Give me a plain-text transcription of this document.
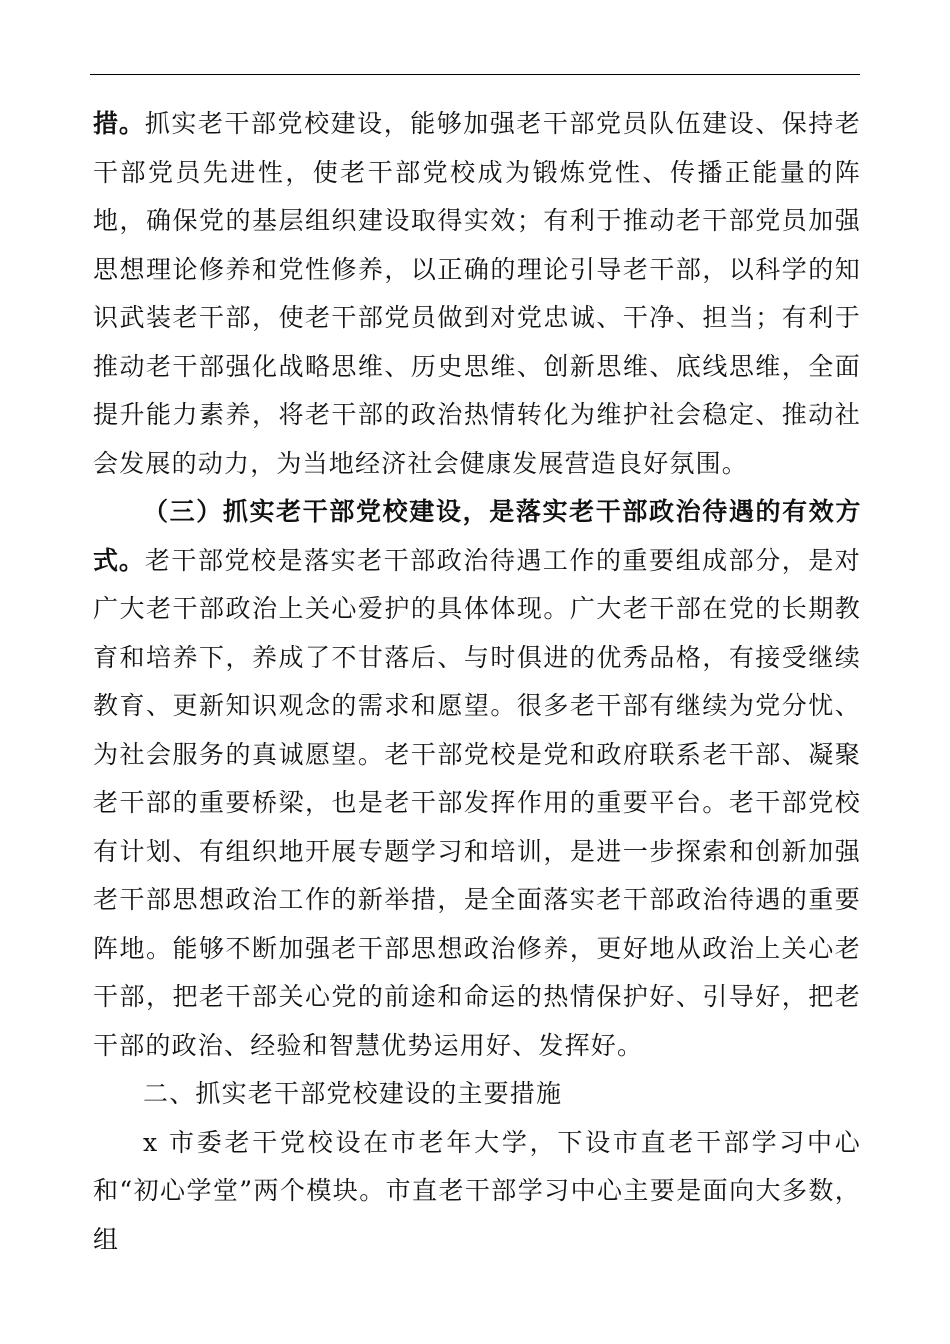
措。抓实老干部党校建设，能够加强老干部党员队伍建设、保持老干部党员先进性，使老干部党校成为锻炼党性、传播正能量的阵地，确保党的基层组织建设取得实效；有利于推动老干部党员加强思想理论修养和党性修养，以正确的理论引导老干部，以科学的知识武装老干部，使老干部党员做到对党忠诚、干净、担当；有利于推动老干部强化战略思维、历史思维、创新思维、底线思维，全面提升能力素养，将老干部的政治热情转化为维护社会稳定、推动社会发展的动力，为当地经济社会健康发展营造良好氛围。

（三）抓实老干部党校建设，是落实老干部政治待遇的有效方式。老干部党校是落实老干部政治待遇工作的重要组成部分，是对广大老干部政治上关心爱护的具体体现。广大老干部在党的长期教育和培养下，养成了不甘落后、与时俱进的优秀品格，有接受继续教育、更新知识观念的需求和愿望。很多老干部有继续为党分忧、为社会服务的真诚愿望。老干部党校是党和政府联系老干部、凝聚老干部的重要桥梁，也是老干部发挥作用的重要平台。老干部党校有计划、有组织地开展专题学习和培训，是进一步探索和创新加强老干部思想政治工作的新举措，是全面落实老干部政治待遇的重要阵地。能够不断加强老干部思想政治修养，更好地从政治上关心老干部，把老干部关心党的前途和命运的热情保护好、引导好，把老干部的政治、经验和智慧优势运用好、发挥好。

二、抓实老干部党校建设的主要措施

x 市委老干党校设在市老年大学，下设市直老干部学习中心和“初心学堂”两个模块。市直老干部学习中心主要是面向大多数，组
